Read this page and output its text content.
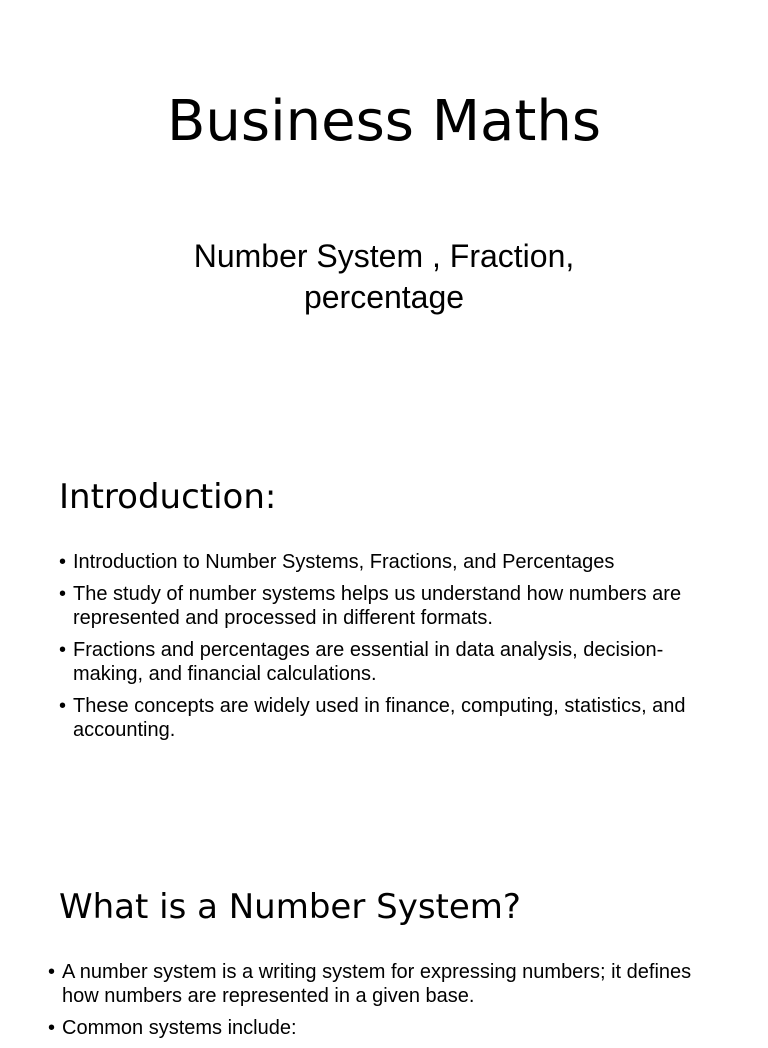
Business Maths
Number System , Fraction, percentage
Introduction:
• Introduction to Number Systems, Fractions, and Percentages
• The study of number systems helps us understand how numbers are represented and processed in different formats.
• Fractions and percentages are essential in data analysis, decision-making, and financial calculations.
• These concepts are widely used in finance, computing, statistics, and accounting.
What is a Number System?
• A number system is a writing system for expressing numbers; it defines how numbers are represented in a given base.
• Common systems include:
